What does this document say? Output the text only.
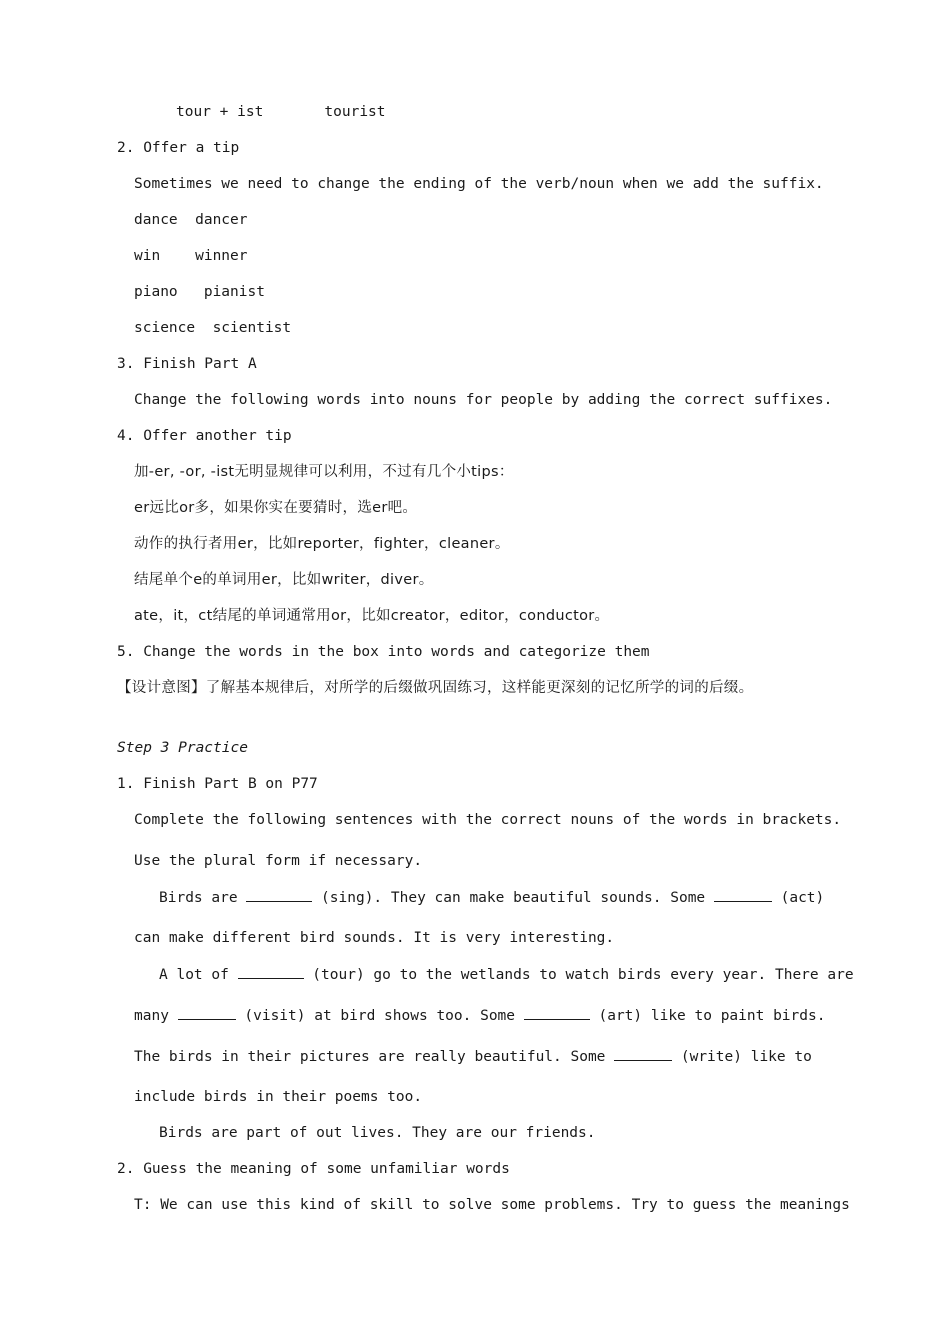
tour + ist       tourist
2. Offer a tip
Sometimes we need to change the ending of the verb/noun when we add the suffix.
dance  dancer
win    winner
piano   pianist
science  scientist
3. Finish Part A
Change the following words into nouns for people by adding the correct suffixes.
4. Offer another tip
加-er, -or, -ist无明显规律可以利用，不过有几个小tips：
er远比or多，如果你实在要猜时，选er吧。
动作的执行者用er，比如reporter，fighter，cleaner。
结尾单个e的单词用er，比如writer，diver。
ate，it，ct结尾的单词通常用or，比如creator，editor，conductor。
5. Change the words in the box into words and categorize them
【设计意图】了解基本规律后，对所学的后缀做巩固练习，这样能更深刻的记忆所学的词的后缀。
Step 3 Practice
1. Finish Part B on P77
Complete the following sentences with the correct nouns of the words in brackets.
Use the plural form if necessary.
Birds are	(sing). They can make beautiful sounds. Some	(act)
can make different bird sounds. It is very interesting.
A lot of	(tour) go to the wetlands to watch birds every year. There are
many	(visit) at bird shows too. Some	(art) like to paint birds.
The birds in their pictures are really beautiful. Some	(write) like to
include birds in their poems too.
Birds are part of out lives. They are our friends.
2. Guess the meaning of some unfamiliar words
T: We can use this kind of skill to solve some problems. Try to guess the meanings
